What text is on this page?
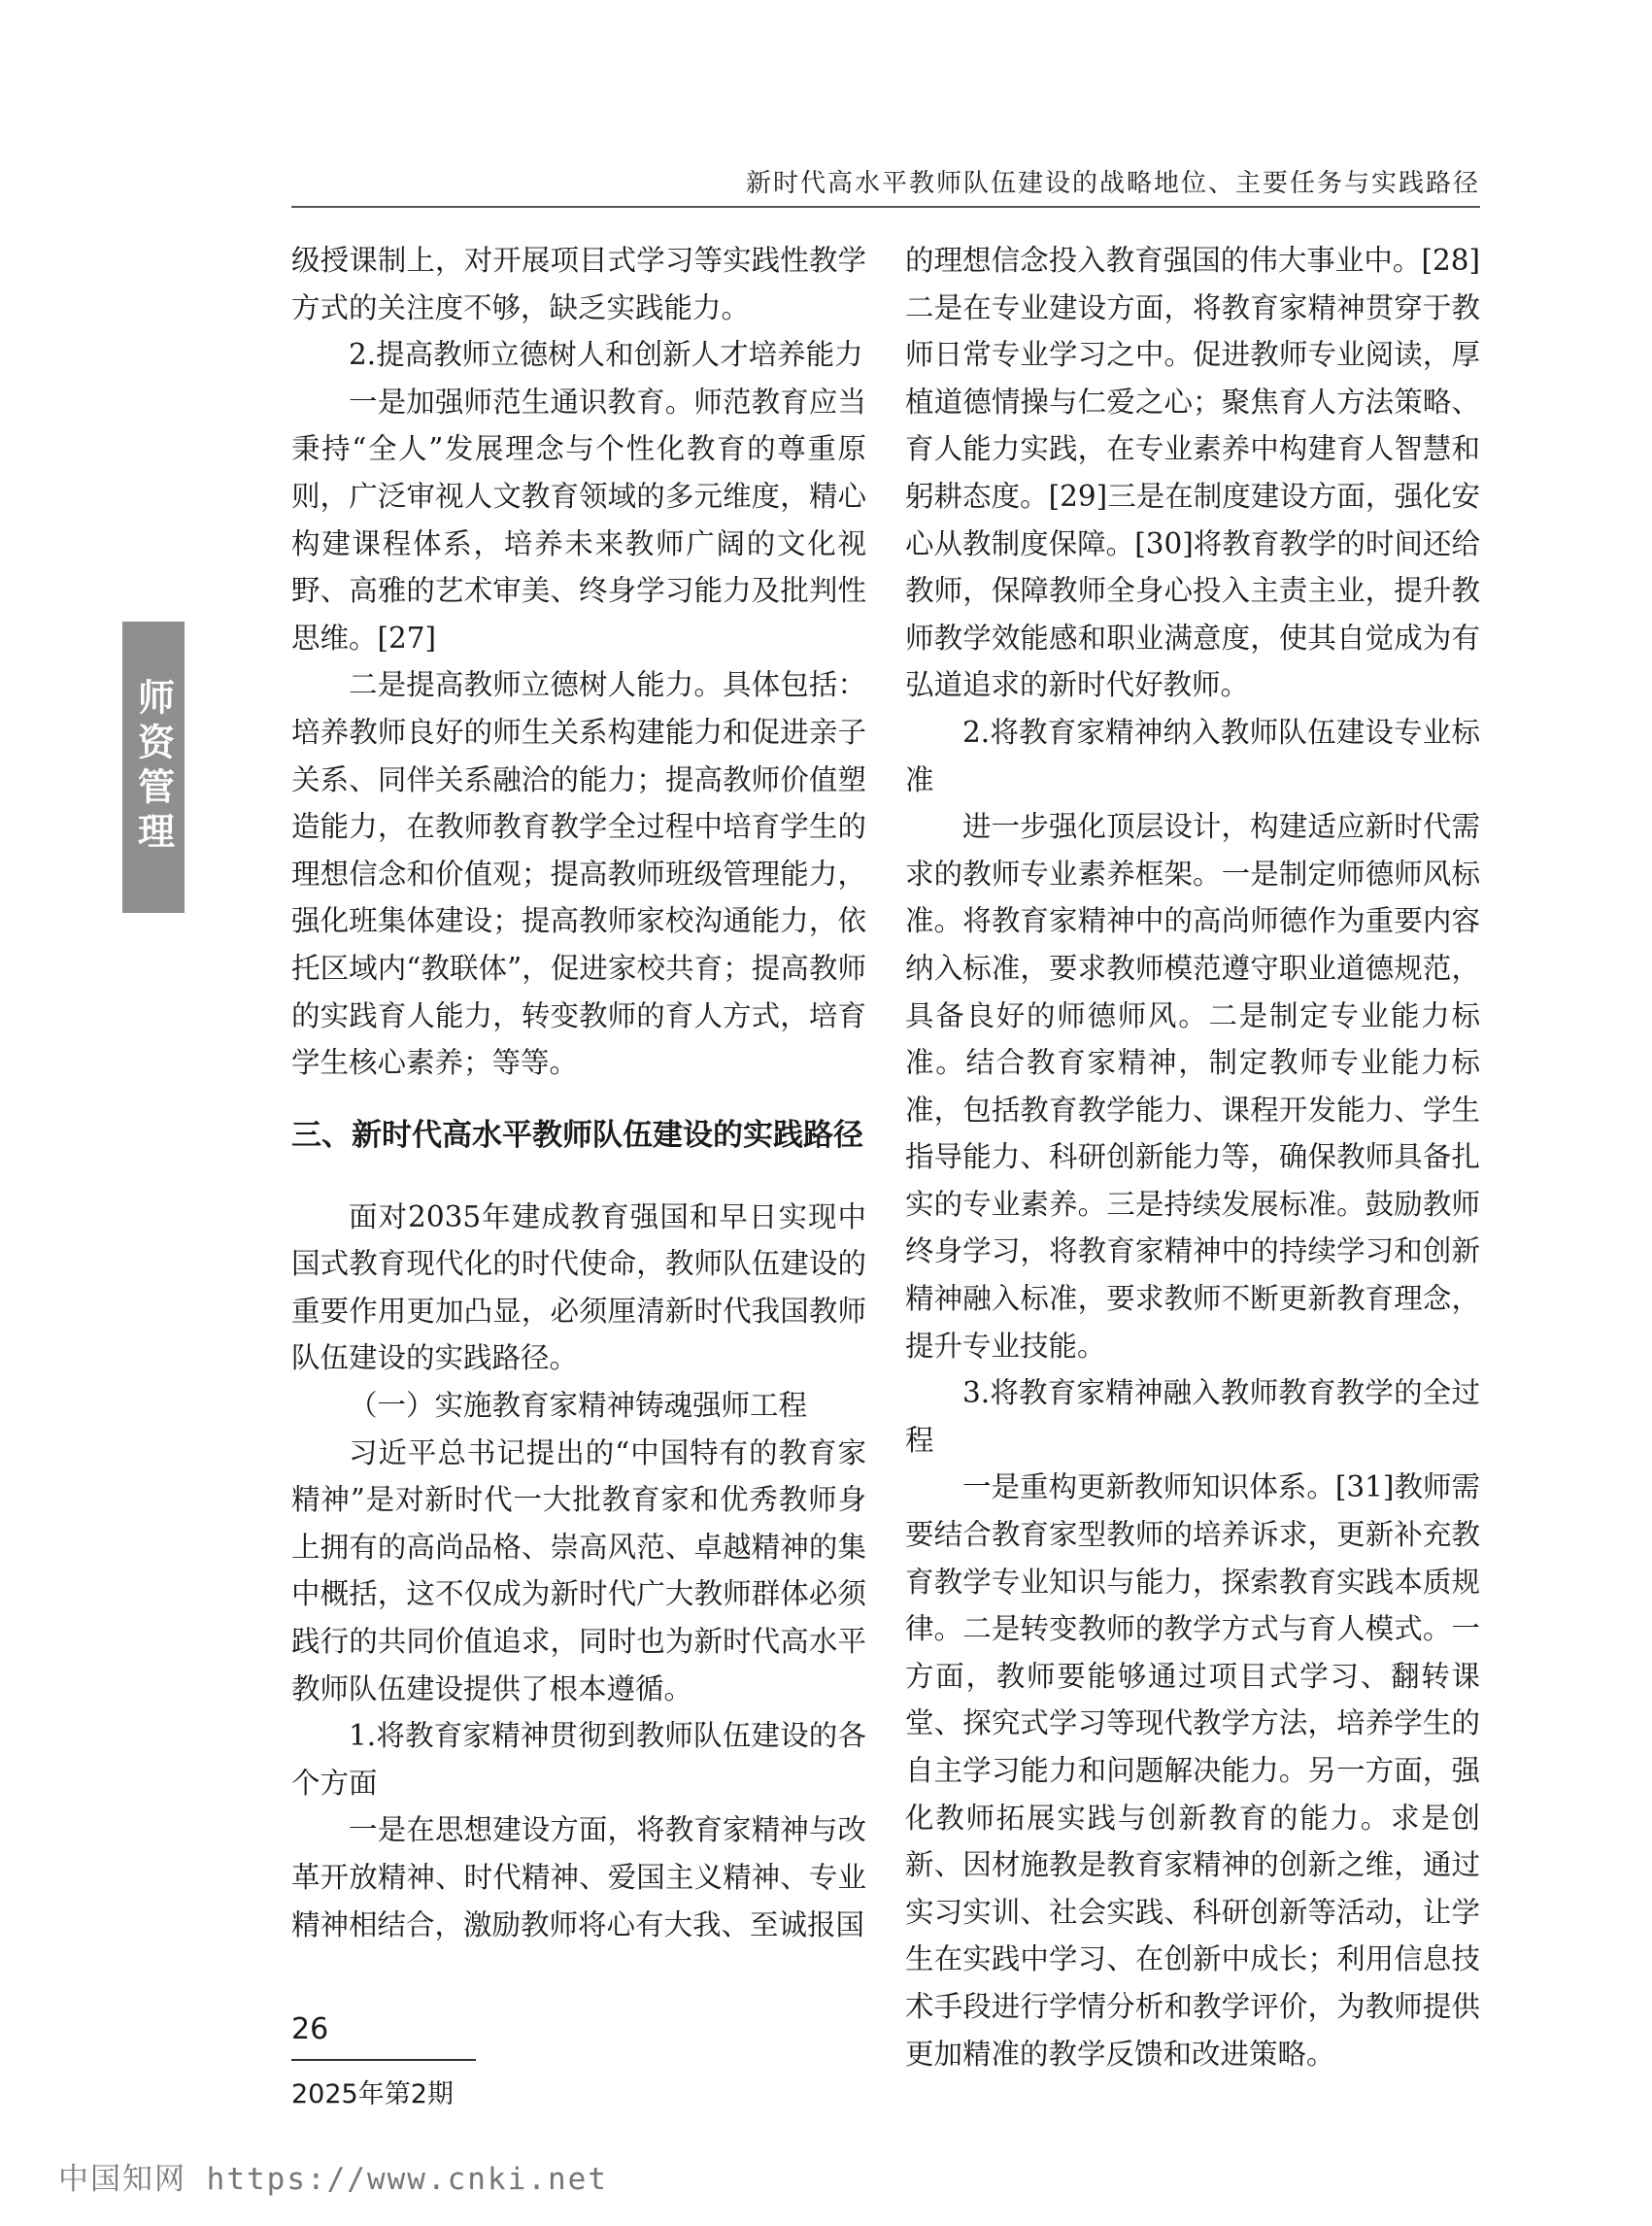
新时代高水平教师队伍建设的战略地位、主要任务与实践路径
师资管理

级授课制上，对开展项目式学习等实践性教学方式的关注度不够，缺乏实践能力。

2.提高教师立德树人和创新人才培养能力

一是加强师范生通识教育。师范教育应当秉持“全人”发展理念与个性化教育的尊重原则，广泛审视人文教育领域的多元维度，精心构建课程体系，培养未来教师广阔的文化视野、高雅的艺术审美、终身学习能力及批判性思维。[27]

二是提高教师立德树人能力。具体包括：培养教师良好的师生关系构建能力和促进亲子关系、同伴关系融洽的能力；提高教师价值塑造能力，在教师教育教学全过程中培育学生的理想信念和价值观；提高教师班级管理能力，强化班集体建设；提高教师家校沟通能力，依托区域内“教联体”，促进家校共育；提高教师的实践育人能力，转变教师的育人方式，培育学生核心素养；等等。

三、新时代高水平教师队伍建设的实践路径

面对2035年建成教育强国和早日实现中国式教育现代化的时代使命，教师队伍建设的重要作用更加凸显，必须厘清新时代我国教师队伍建设的实践路径。

（一）实施教育家精神铸魂强师工程

习近平总书记提出的“中国特有的教育家精神”是对新时代一大批教育家和优秀教师身上拥有的高尚品格、崇高风范、卓越精神的集中概括，这不仅成为新时代广大教师群体必须践行的共同价值追求，同时也为新时代高水平教师队伍建设提供了根本遵循。

1.将教育家精神贯彻到教师队伍建设的各个方面

一是在思想建设方面，将教育家精神与改革开放精神、时代精神、爱国主义精神、专业精神相结合，激励教师将心有大我、至诚报国

的理想信念投入教育强国的伟大事业中。[28]二是在专业建设方面，将教育家精神贯穿于教师日常专业学习之中。促进教师专业阅读，厚植道德情操与仁爱之心；聚焦育人方法策略、育人能力实践，在专业素养中构建育人智慧和躬耕态度。[29]三是在制度建设方面，强化安心从教制度保障。[30]将教育教学的时间还给教师，保障教师全身心投入主责主业，提升教师教学效能感和职业满意度，使其自觉成为有弘道追求的新时代好教师。

2.将教育家精神纳入教师队伍建设专业标准

进一步强化顶层设计，构建适应新时代需求的教师专业素养框架。一是制定师德师风标准。将教育家精神中的高尚师德作为重要内容纳入标准，要求教师模范遵守职业道德规范，具备良好的师德师风。二是制定专业能力标准。结合教育家精神，制定教师专业能力标准，包括教育教学能力、课程开发能力、学生指导能力、科研创新能力等，确保教师具备扎实的专业素养。三是持续发展标准。鼓励教师终身学习，将教育家精神中的持续学习和创新精神融入标准，要求教师不断更新教育理念，提升专业技能。

3.将教育家精神融入教师教育教学的全过程

一是重构更新教师知识体系。[31]教师需要结合教育家型教师的培养诉求，更新补充教育教学专业知识与能力，探索教育实践本质规律。二是转变教师的教学方式与育人模式。一方面，教师要能够通过项目式学习、翻转课堂、探究式学习等现代教学方法，培养学生的自主学习能力和问题解决能力。另一方面，强化教师拓展实践与创新教育的能力。求是创新、因材施教是教育家精神的创新之维，通过实习实训、社会实践、科研创新等活动，让学生在实践中学习、在创新中成长；利用信息技术手段进行学情分析和教学评价，为教师提供更加精准的教学反馈和改进策略。

26
2025年第2期
中国知网 https://www.cnki.net
